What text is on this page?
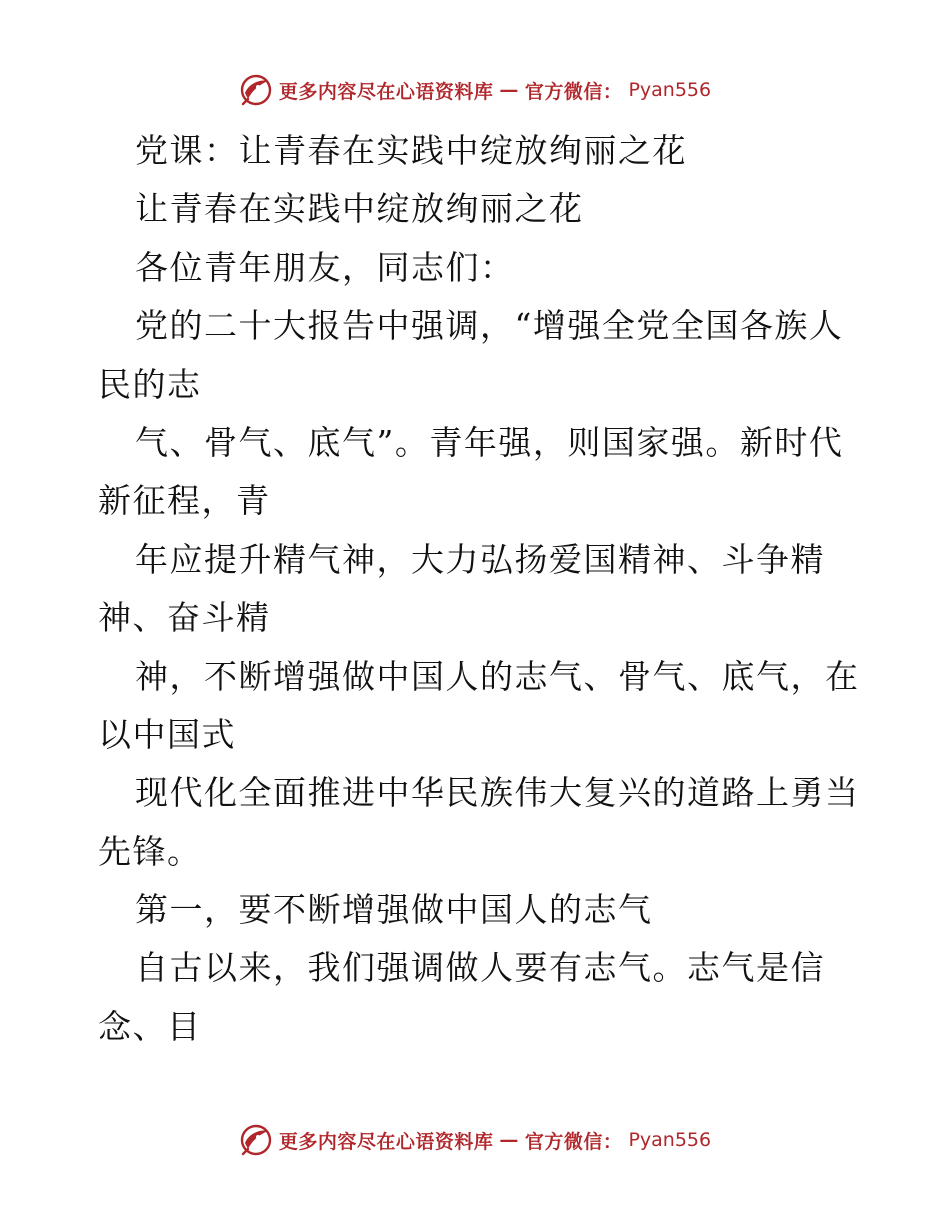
更多内容尽在心语资料库 — 官方微信： Pyan556
党课：让青春在实践中绽放绚丽之花
让青春在实践中绽放绚丽之花
各位青年朋友，同志们：
党的二十大报告中强调，“增强全党全国各族人
民的志
气、骨气、底气”。青年强，则国家强。新时代
新征程，青
年应提升精气神，大力弘扬爱国精神、斗争精
神、奋斗精
神，不断增强做中国人的志气、骨气、底气，在
以中国式
现代化全面推进中华民族伟大复兴的道路上勇当
先锋。
第一，要不断增强做中国人的志气
自古以来，我们强调做人要有志气。志气是信
念、目
更多内容尽在心语资料库 — 官方微信： Pyan556
